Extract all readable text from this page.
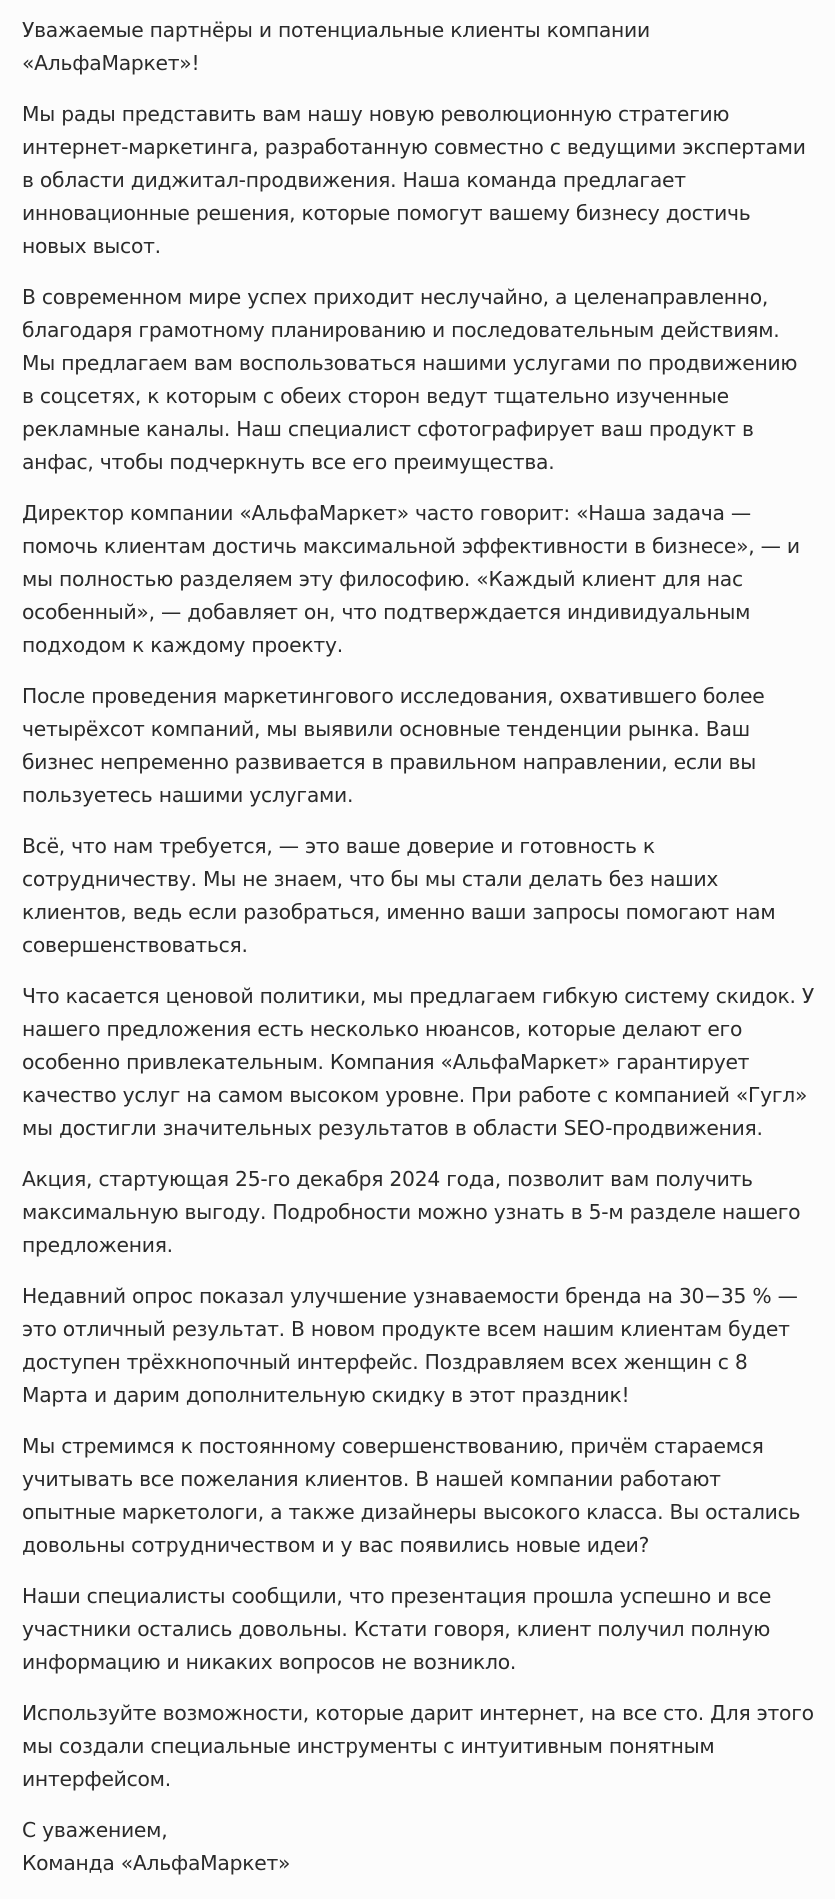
Уважаемые партнёры и потенциальные клиенты компании «АльфаМаркет»!

Мы рады представить вам нашу новую революционную стратегию интернет-маркетинга, разработанную совместно с ведущими экспертами в области диджитал-продвижения. Наша команда предлагает инновационные решения, которые помогут вашему бизнесу достичь новых высот.

В современном мире успех приходит неслучайно, а целенаправленно, благодаря грамотному планированию и последовательным действиям. Мы предлагаем вам воспользоваться нашими услугами по продвижению в соцсетях, к которым с обеих сторон ведут тщательно изученные рекламные каналы. Наш специалист сфотографирует ваш продукт в анфас, чтобы подчеркнуть все его преимущества.

Директор компании «АльфаМаркет» часто говорит: «Наша задача — помочь клиентам достичь максимальной эффективности в бизнесе», — и мы полностью разделяем эту философию. «Каждый клиент для нас особенный», — добавляет он, что подтверждается индивидуальным подходом к каждому проекту.

После проведения маркетингового исследования, охватившего более четырёхсот компаний, мы выявили основные тенденции рынка. Ваш бизнес непременно развивается в правильном направлении, если вы пользуетесь нашими услугами.

Всё, что нам требуется, — это ваше доверие и готовность к сотрудничеству. Мы не знаем, что бы мы стали делать без наших клиентов, ведь если разобраться, именно ваши запросы помогают нам совершенствоваться.

Что касается ценовой политики, мы предлагаем гибкую систему скидок. У нашего предложения есть несколько нюансов, которые делают его особенно привлекательным. Компания «АльфаМаркет» гарантирует качество услуг на самом высоком уровне. При работе с компанией «Гугл» мы достигли значительных результатов в области SEO-продвижения.

Акция, стартующая 25-го декабря 2024 года, позволит вам получить максимальную выгоду. Подробности можно узнать в 5-м разделе нашего предложения.

Недавний опрос показал улучшение узнаваемости бренда на 30−35 % — это отличный результат. В новом продукте всем нашим клиентам будет доступен трёхкнопочный интерфейс. Поздравляем всех женщин с 8 Марта и дарим дополнительную скидку в этот праздник!

Мы стремимся к постоянному совершенствованию, причём стараемся учитывать все пожелания клиентов. В нашей компании работают опытные маркетологи, а также дизайнеры высокого класса. Вы остались довольны сотрудничеством и у вас появились новые идеи?

Наши специалисты сообщили, что презентация прошла успешно и все участники остались довольны. Кстати говоря, клиент получил полную информацию и никаких вопросов не возникло.

Используйте возможности, которые дарит интернет, на все сто. Для этого мы создали специальные инструменты с интуитивным понятным интерфейсом.

С уважением,
Команда «АльфаМаркет»
